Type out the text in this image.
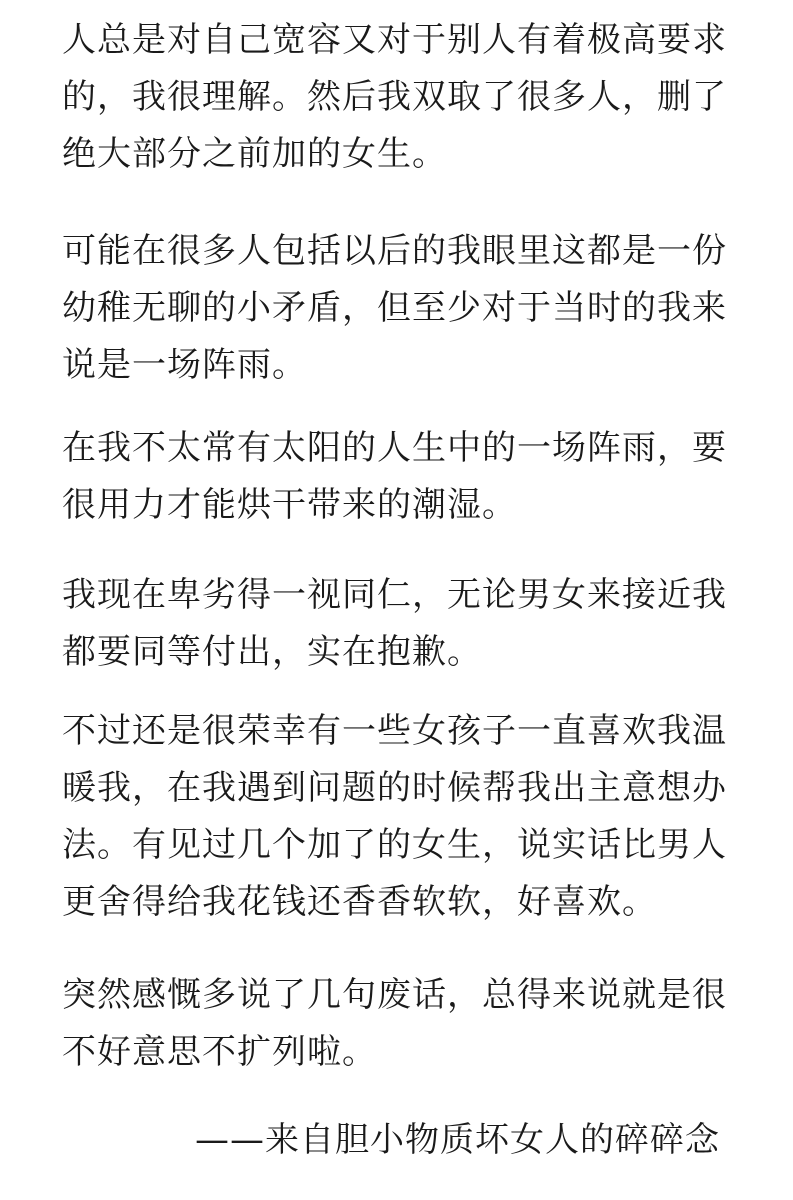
人总是对自己宽容又对于别人有着极高要求的，我很理解。然后我双取了很多人，删了绝大部分之前加的女生。

可能在很多人包括以后的我眼里这都是一份幼稚无聊的小矛盾，但至少对于当时的我来说是一场阵雨。

在我不太常有太阳的人生中的一场阵雨，要很用力才能烘干带来的潮湿。

我现在卑劣得一视同仁，无论男女来接近我都要同等付出，实在抱歉。

不过还是很荣幸有一些女孩子一直喜欢我温暖我，在我遇到问题的时候帮我出主意想办法。有见过几个加了的女生，说实话比男人更舍得给我花钱还香香软软，好喜欢。

突然感慨多说了几句废话，总得来说就是很不好意思不扩列啦。

——来自胆小物质坏女人的碎碎念
